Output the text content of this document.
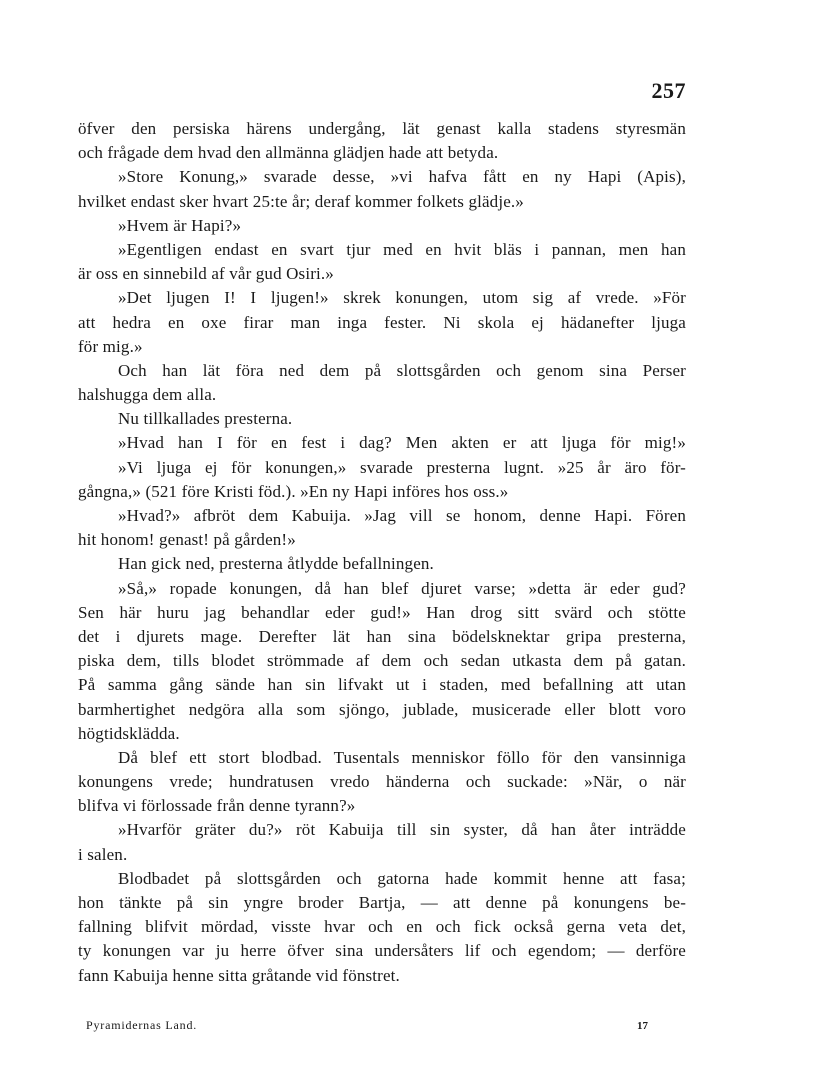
257
öfver den persiska härens undergång, lät genast kalla stadens styresmän
och frågade dem hvad den allmänna glädjen hade att betyda.
»Store Konung,» svarade desse, »vi hafva fått en ny Hapi (Apis),
hvilket endast sker hvart 25:te år; deraf kommer folkets glädje.»
»Hvem är Hapi?»
»Egentligen endast en svart tjur med en hvit bläs i pannan, men han
är oss en sinnebild af vår gud Osiri.»
»Det ljugen I! I ljugen!» skrek konungen, utom sig af vrede. »För
att hedra en oxe firar man inga fester. Ni skola ej hädanefter ljuga
för mig.»
Och han lät föra ned dem på slottsgården och genom sina Perser
halshugga dem alla.
Nu tillkallades presterna.
»Hvad han I för en fest i dag? Men akten er att ljuga för mig!»
»Vi ljuga ej för konungen,» svarade presterna lugnt. »25 år äro för-
gångna,» (521 före Kristi föd.). »En ny Hapi införes hos oss.»
»Hvad?» afbröt dem Kabuija. »Jag vill se honom, denne Hapi. Fören
hit honom! genast! på gården!»
Han gick ned, presterna åtlydde befallningen.
»Så,» ropade konungen, då han blef djuret varse; »detta är eder gud?
Sen här huru jag behandlar eder gud!» Han drog sitt svärd och stötte
det i djurets mage. Derefter lät han sina bödelsknektar gripa presterna,
piska dem, tills blodet strömmade af dem och sedan utkasta dem på gatan.
På samma gång sände han sin lifvakt ut i staden, med befallning att utan
barmhertighet nedgöra alla som sjöngo, jublade, musicerade eller blott voro
högtidsklädda.
Då blef ett stort blodbad. Tusentals menniskor föllo för den vansinniga
konungens vrede; hundratusen vredo händerna och suckade: »När, o när
blifva vi förlossade från denne tyrann?»
»Hvarför gräter du?» röt Kabuija till sin syster, då han åter inträdde
i salen.
Blodbadet på slottsgården och gatorna hade kommit henne att fasa;
hon tänkte på sin yngre broder Bartja, — att denne på konungens be-
fallning blifvit mördad, visste hvar och en och fick också gerna veta det,
ty konungen var ju herre öfver sina undersåters lif och egendom; — derföre
fann Kabuija henne sitta gråtande vid fönstret.
Pyramidernas Land.	17
